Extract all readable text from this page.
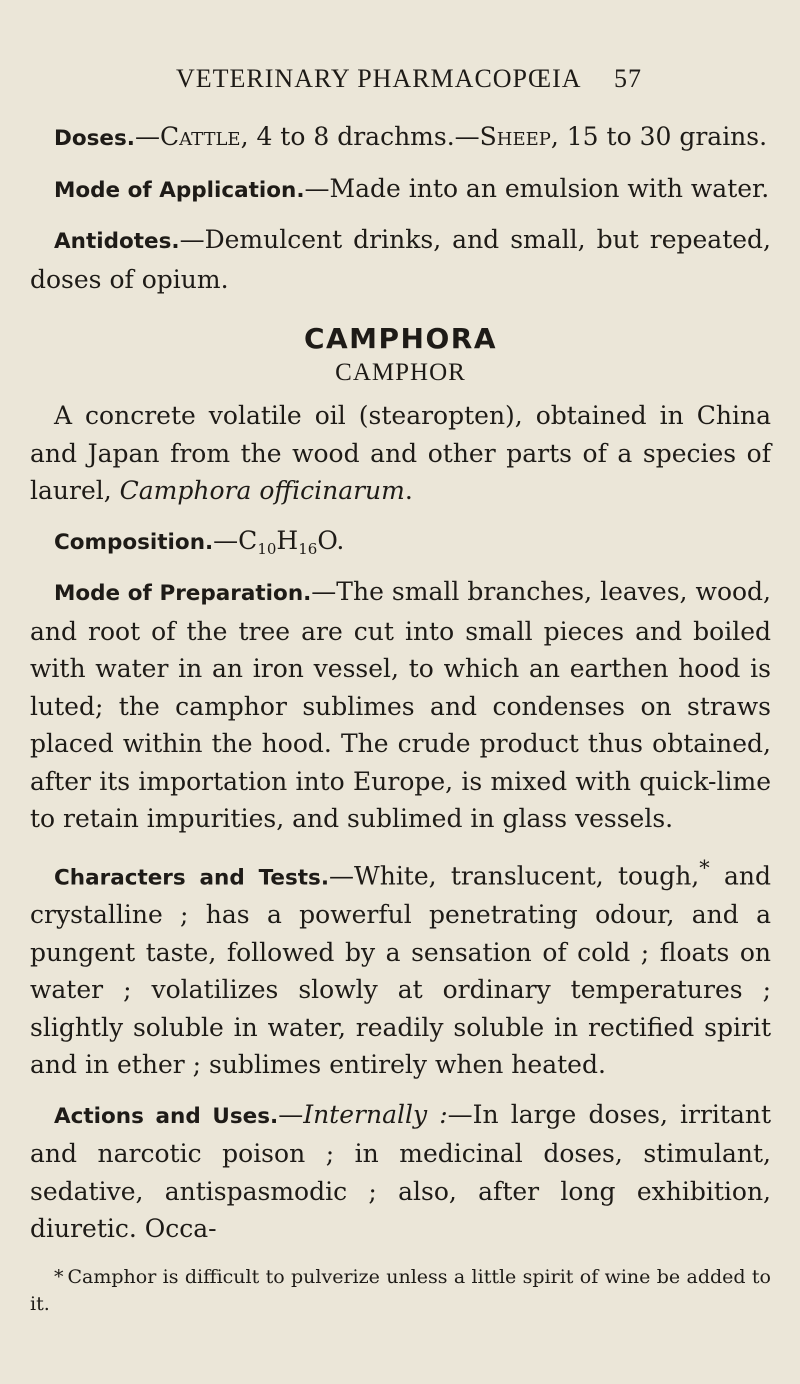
VETERINARY PHARMACOPŒIA 57

Doses.—Cattle, 4 to 8 drachms.—Sheep, 15 to 30 grains.

Mode of Application.—Made into an emulsion with water.

Antidotes.—Demulcent drinks, and small, but repeated, doses of opium.

CAMPHORA
CAMPHOR

A concrete volatile oil (stearopten), obtained in China and Japan from the wood and other parts of a species of laurel, Camphora officinarum.

$Composition.—C_{10}H_{16}O$.

Mode of Preparation.—The small branches, leaves, wood, and root of the tree are cut into small pieces and boiled with water in an iron vessel, to which an earthen hood is luted; the camphor sublimes and condenses on straws placed within the hood. The crude product thus obtained, after its importation into Europe, is mixed with quick-lime to retain impurities, and sublimed in glass vessels.

Characters and Tests.—White, translucent, tough,* and crystalline ; has a powerful penetrating odour, and a pungent taste, followed by a sensation of cold ; floats on water ; volatilizes slowly at ordinary temperatures ; slightly soluble in water, readily soluble in rectified spirit and in ether ; sublimes entirely when heated.

Actions and Uses.—Internally :—In large doses, irritant and narcotic poison ; in medicinal doses, stimulant, sedative, antispasmodic ; also, after long exhibition, diuretic. Occa-

* Camphor is difficult to pulverize unless a little spirit of wine be added to it.
